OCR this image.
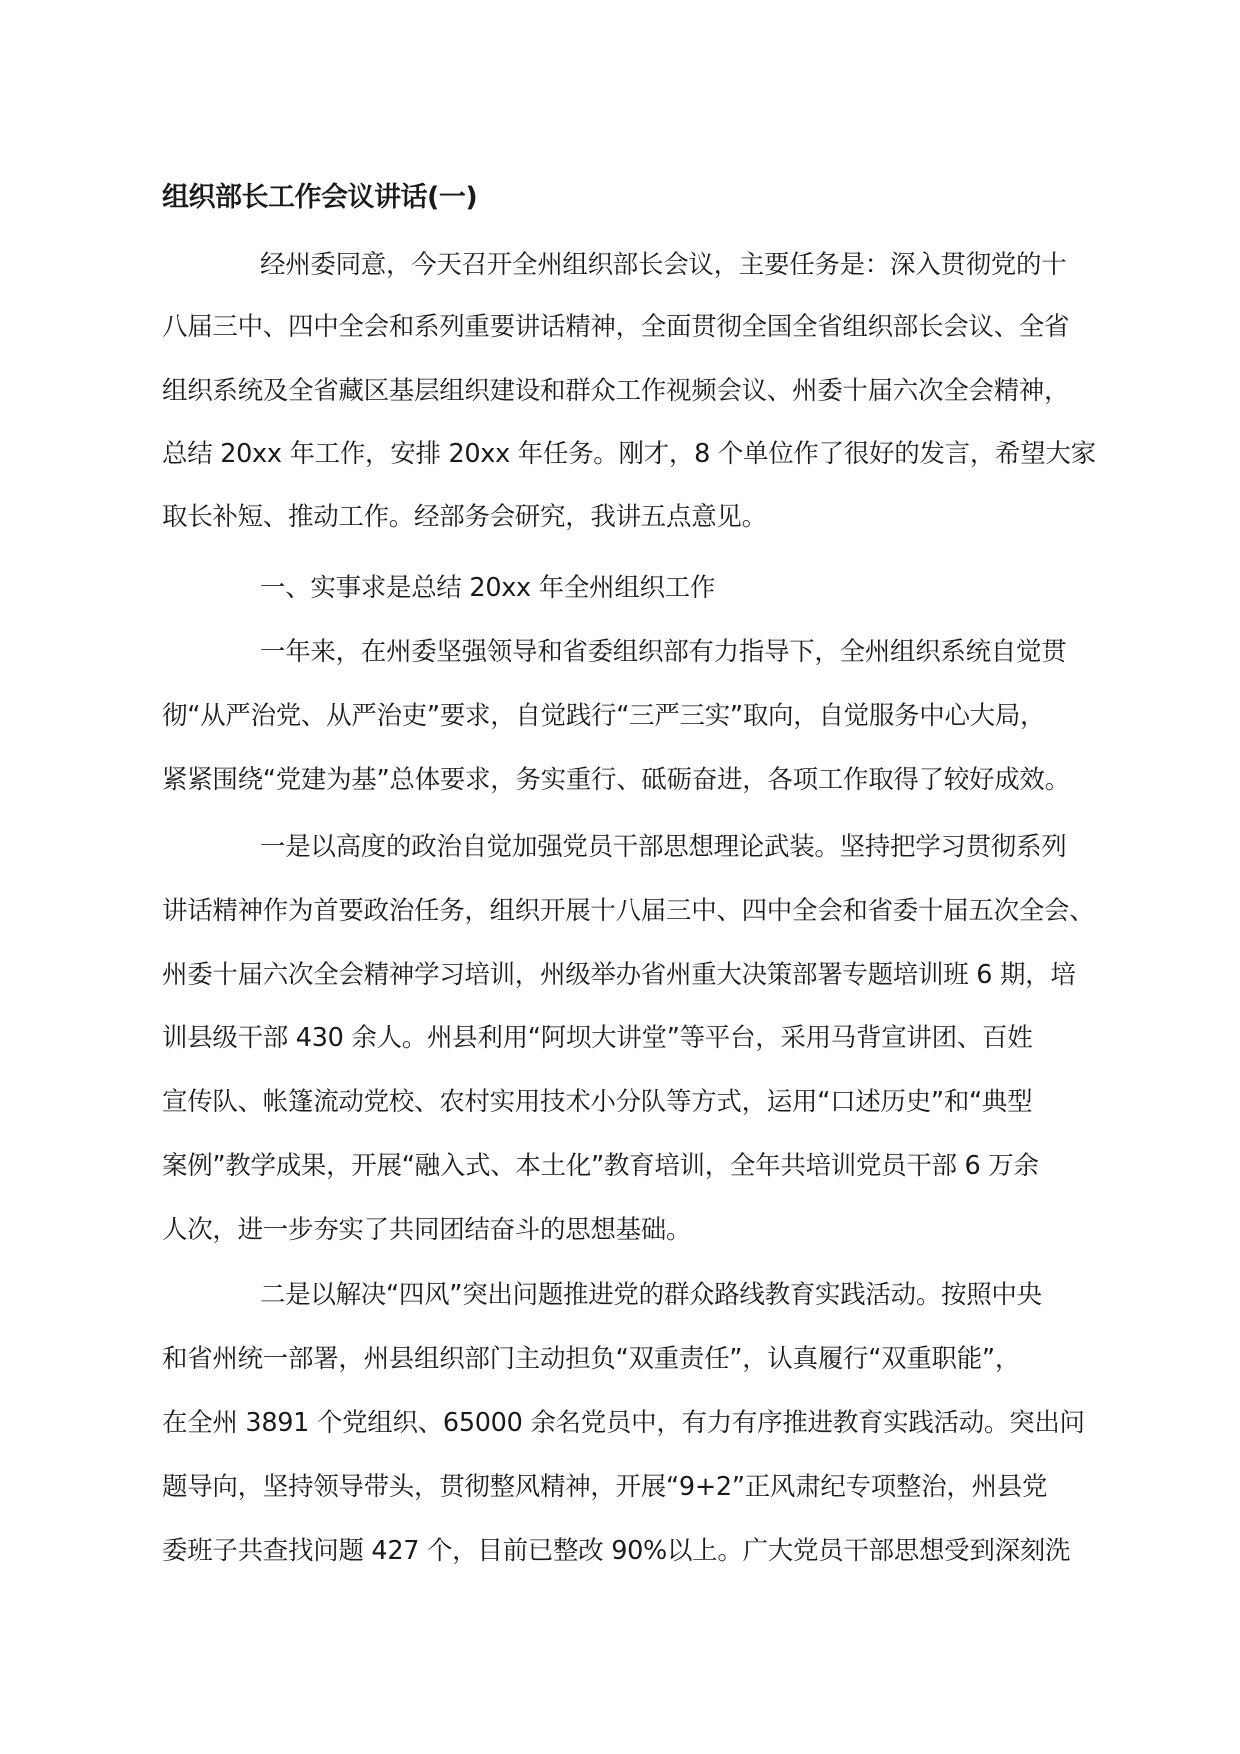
组织部长工作会议讲话(一)
经州委同意，今天召开全州组织部长会议，主要任务是：深入贯彻党的十
八届三中、四中全会和系列重要讲话精神，全面贯彻全国全省组织部长会议、全省
组织系统及全省藏区基层组织建设和群众工作视频会议、州委十届六次全会精神，
总结 20xx 年工作，安排 20xx 年任务。刚才，8 个单位作了很好的发言，希望大家
取长补短、推动工作。经部务会研究，我讲五点意见。
一、实事求是总结 20xx 年全州组织工作
一年来，在州委坚强领导和省委组织部有力指导下，全州组织系统自觉贯
彻“从严治党、从严治吏”要求，自觉践行“三严三实”取向，自觉服务中心大局，
紧紧围绕“党建为基”总体要求，务实重行、砥砺奋进，各项工作取得了较好成效。
一是以高度的政治自觉加强党员干部思想理论武装。坚持把学习贯彻系列
讲话精神作为首要政治任务，组织开展十八届三中、四中全会和省委十届五次全会、
州委十届六次全会精神学习培训，州级举办省州重大决策部署专题培训班 6 期，培
训县级干部 430 余人。州县利用“阿坝大讲堂”等平台，采用马背宣讲团、百姓
宣传队、帐篷流动党校、农村实用技术小分队等方式，运用“口述历史”和“典型
案例”教学成果，开展“融入式、本土化”教育培训，全年共培训党员干部 6 万余
人次，进一步夯实了共同团结奋斗的思想基础。
二是以解决“四风”突出问题推进党的群众路线教育实践活动。按照中央
和省州统一部署，州县组织部门主动担负“双重责任”，认真履行“双重职能”，
在全州 3891 个党组织、65000 余名党员中，有力有序推进教育实践活动。突出问
题导向，坚持领导带头，贯彻整风精神，开展“9+2”正风肃纪专项整治，州县党
委班子共查找问题 427 个，目前已整改 90%以上。广大党员干部思想受到深刻洗
